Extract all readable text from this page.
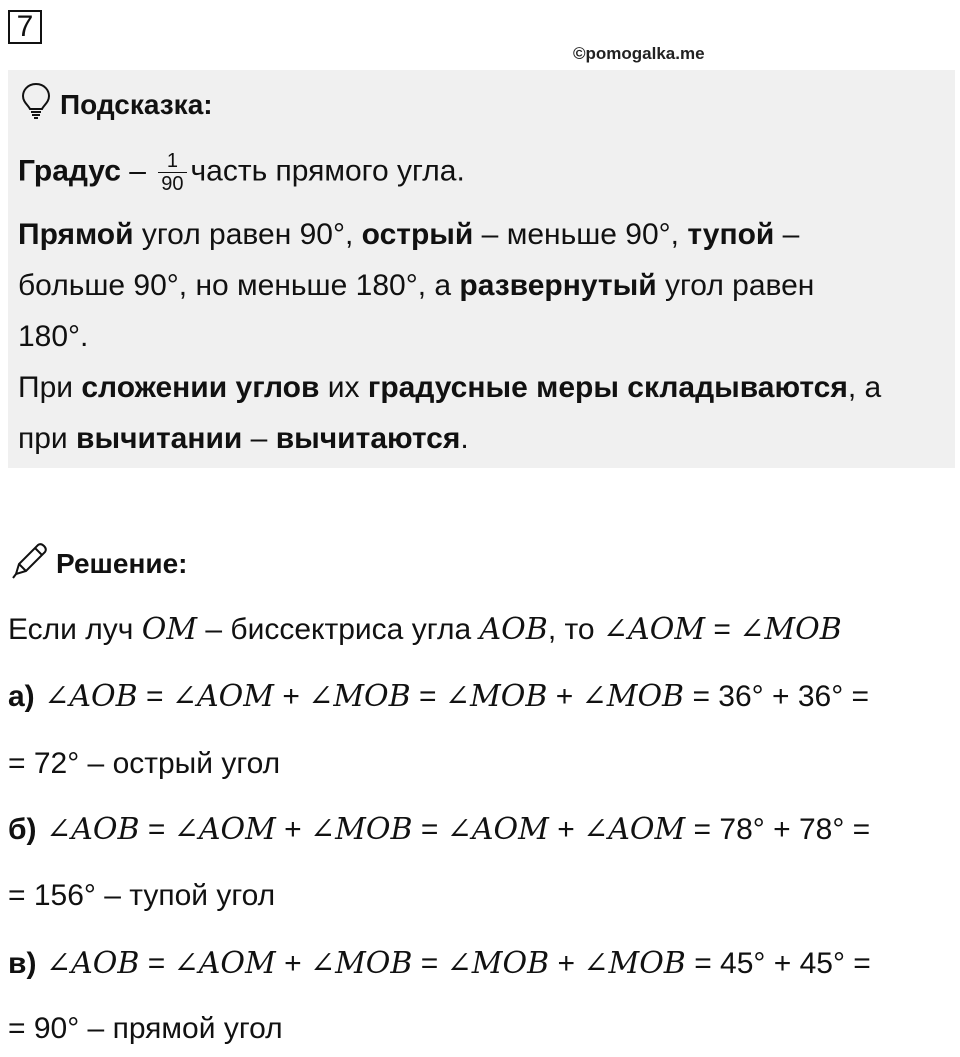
7
©pomogalka.me
Подсказка:
Градус – $\frac{1}{90}$ часть прямого угла.
Прямой угол равен 90°, острый – меньше 90°, тупой –
больше 90°, но меньше 180°, а развернутый угол равен
180°.
При сложении углов их градусные меры складываются, а
при вычитании – вычитаются.
Решение:
Если луч OM – биссектриса угла AOB, то ∠AOM = ∠MOB
а) ∠AOB = ∠AOM + ∠MOB = ∠MOB + ∠MOB = 36° + 36° =
= 72° – острый угол
б) ∠AOB = ∠AOM + ∠MOB = ∠AOM + ∠AOM = 78° + 78° =
= 156° – тупой угол
в) ∠AOB = ∠AOM + ∠MOB = ∠MOB + ∠MOB = 45° + 45° =
= 90° – прямой угол
